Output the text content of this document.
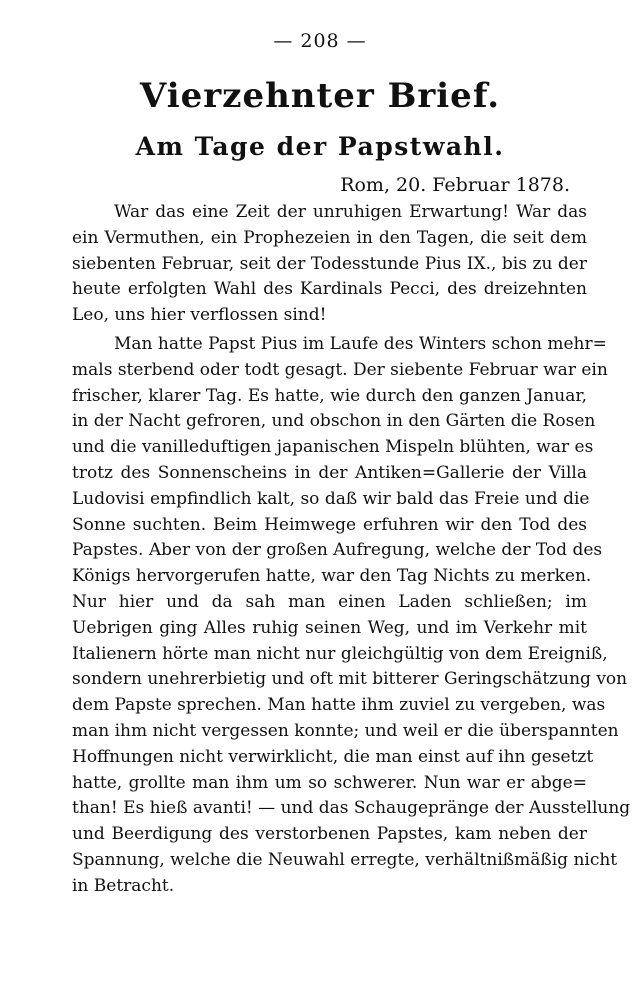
— 208 —
Vierzehnter Brief.
Am Tage der Papstwahl.
Rom, 20. Februar 1878.
War das eine Zeit der unruhigen Erwartung! War das
ein Vermuthen, ein Prophezeien in den Tagen, die seit dem
siebenten Februar, seit der Todesstunde Pius IX., bis zu der
heute erfolgten Wahl des Kardinals Pecci, des dreizehnten
Leo, uns hier verflossen sind!
Man hatte Papst Pius im Laufe des Winters schon mehr=
mals sterbend oder todt gesagt. Der siebente Februar war ein
frischer, klarer Tag. Es hatte, wie durch den ganzen Januar,
in der Nacht gefroren, und obschon in den Gärten die Rosen
und die vanilleduftigen japanischen Mispeln blühten, war es
trotz des Sonnenscheins in der Antiken=Gallerie der Villa
Ludovisi empfindlich kalt, so daß wir bald das Freie und die
Sonne suchten. Beim Heimwege erfuhren wir den Tod des
Papstes. Aber von der großen Aufregung, welche der Tod des
Königs hervorgerufen hatte, war den Tag Nichts zu merken.
Nur hier und da sah man einen Laden schließen; im
Uebrigen ging Alles ruhig seinen Weg, und im Verkehr mit
Italienern hörte man nicht nur gleichgültig von dem Ereigniß,
sondern unehrerbietig und oft mit bitterer Geringschätzung von
dem Papste sprechen. Man hatte ihm zuviel zu vergeben, was
man ihm nicht vergessen konnte; und weil er die überspannten
Hoffnungen nicht verwirklicht, die man einst auf ihn gesetzt
hatte, grollte man ihm um so schwerer. Nun war er abge=
than! Es hieß avanti! — und das Schaugepränge der Ausstellung
und Beerdigung des verstorbenen Papstes, kam neben der
Spannung, welche die Neuwahl erregte, verhältnißmäßig nicht
in Betracht.
